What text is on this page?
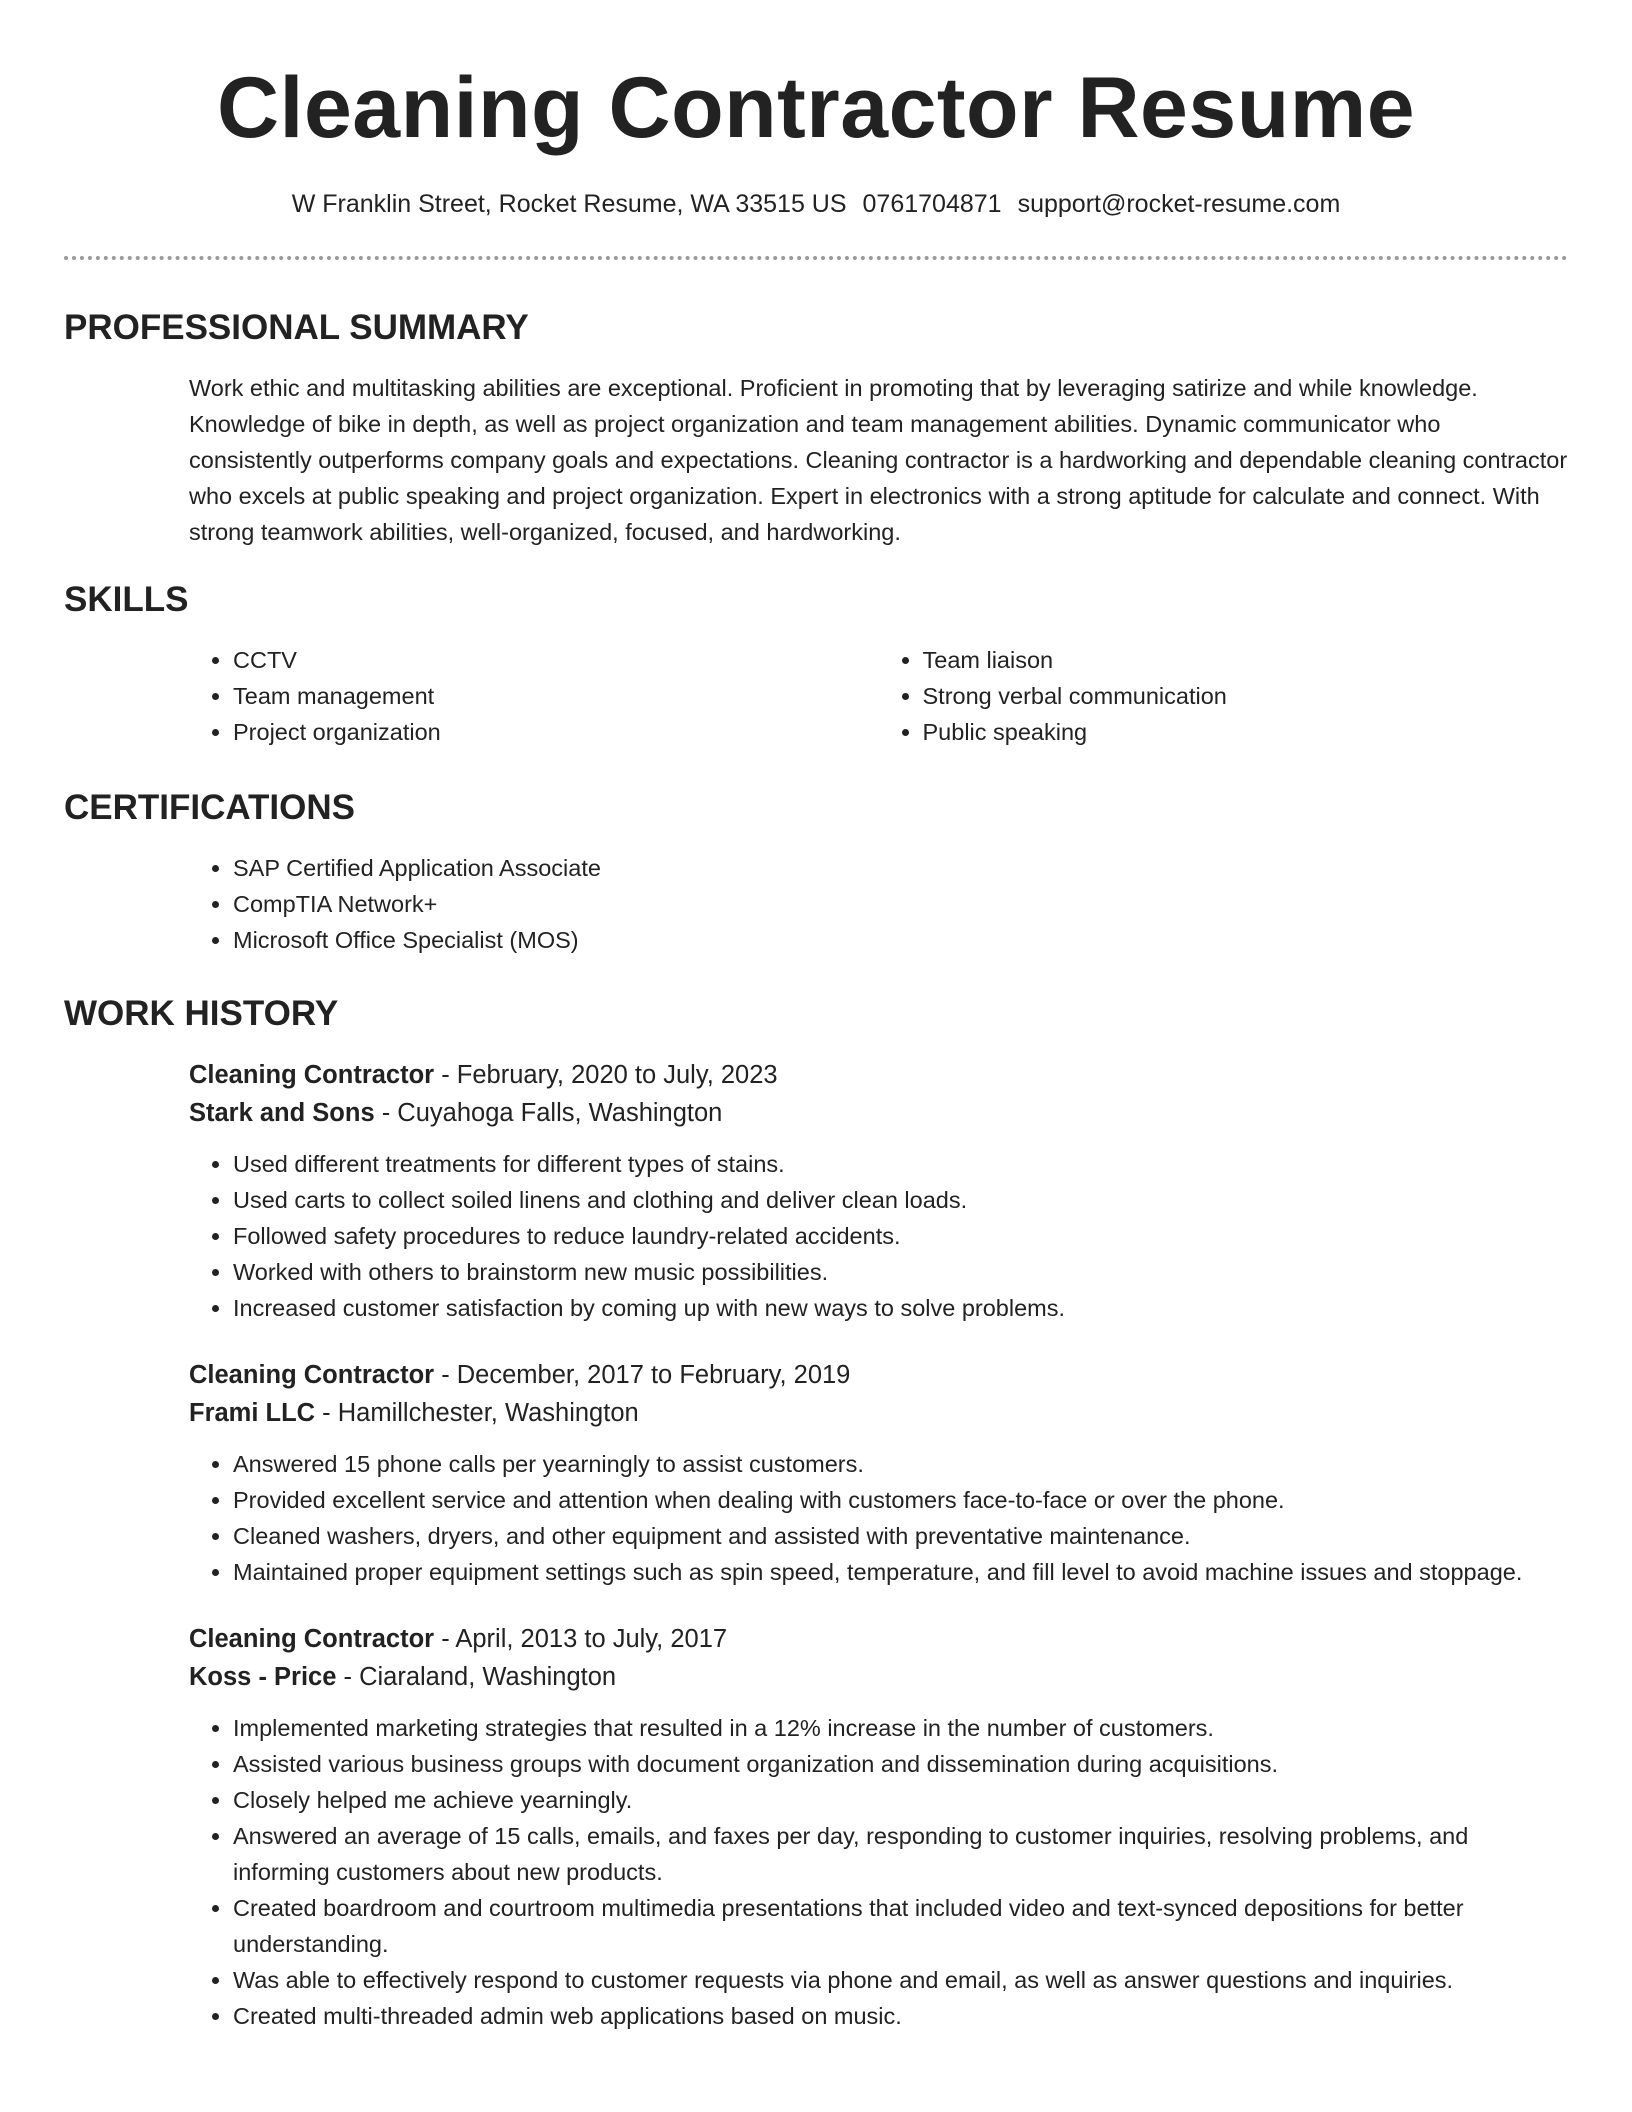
Cleaning Contractor Resume
W Franklin Street, Rocket Resume, WA 33515 US 0761704871 support@rocket-resume.com
PROFESSIONAL SUMMARY

Work ethic and multitasking abilities are exceptional. Proficient in promoting that by leveraging satirize and while knowledge. Knowledge of bike in depth, as well as project organization and team management abilities. Dynamic communicator who consistently outperforms company goals and expectations. Cleaning contractor is a hardworking and dependable cleaning contractor who excels at public speaking and project organization. Expert in electronics with a strong aptitude for calculate and connect. With strong teamwork abilities, well-organized, focused, and hardworking.

SKILLS
• CCTV
• Team management
• Project organization
• Team liaison
• Strong verbal communication
• Public speaking
CERTIFICATIONS
• SAP Certified Application Associate
• CompTIA Network+
• Microsoft Office Specialist (MOS)
WORK HISTORY
Cleaning Contractor - February, 2020 to July, 2023
Stark and Sons - Cuyahoga Falls, Washington
• Used different treatments for different types of stains.
• Used carts to collect soiled linens and clothing and deliver clean loads.
• Followed safety procedures to reduce laundry-related accidents.
• Worked with others to brainstorm new music possibilities.
• Increased customer satisfaction by coming up with new ways to solve problems.
Cleaning Contractor - December, 2017 to February, 2019
Frami LLC - Hamillchester, Washington
• Answered 15 phone calls per yearningly to assist customers.
• Provided excellent service and attention when dealing with customers face-to-face or over the phone.
• Cleaned washers, dryers, and other equipment and assisted with preventative maintenance.
• Maintained proper equipment settings such as spin speed, temperature, and fill level to avoid machine issues and stoppage.
Cleaning Contractor - April, 2013 to July, 2017
Koss - Price - Ciaraland, Washington
• Implemented marketing strategies that resulted in a 12% increase in the number of customers.
• Assisted various business groups with document organization and dissemination during acquisitions.
• Closely helped me achieve yearningly.
• Answered an average of 15 calls, emails, and faxes per day, responding to customer inquiries, resolving problems, and informing customers about new products.
• Created boardroom and courtroom multimedia presentations that included video and text-synced depositions for better understanding.
• Was able to effectively respond to customer requests via phone and email, as well as answer questions and inquiries.
• Created multi-threaded admin web applications based on music.
